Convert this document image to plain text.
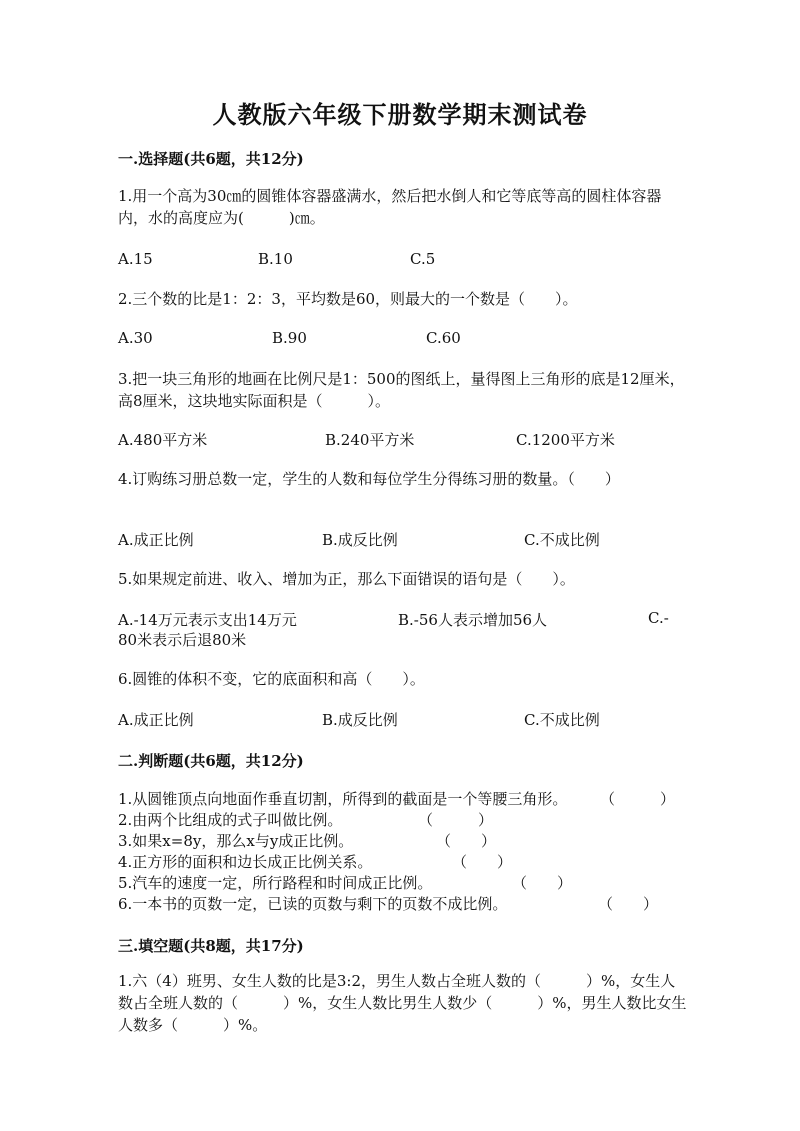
人教版六年级下册数学期末测试卷
一.选择题(共6题，共12分)
1.用一个高为30㎝的圆锥体容器盛满水，然后把水倒人和它等底等高的圆柱体容器内，水的高度应为(　　　)㎝。
A.15	B.10	C.5
2.三个数的比是1：2：3，平均数是60，则最大的一个数是（　　）。
A.30	B.90	C.60
3.把一块三角形的地画在比例尺是1：500的图纸上，量得图上三角形的底是12厘米，高8厘米，这块地实际面积是（　　　）。
A.480平方米	B.240平方米	C.1200平方米
4.订购练习册总数一定，学生的人数和每位学生分得练习册的数量。（　　）
A.成正比例	B.成反比例	C.不成比例
5.如果规定前进、收入、增加为正，那么下面错误的语句是（　　）。
A.-14万元表示支出14万元	B.-56人表示增加56人	C.-
80米表示后退80米
6.圆锥的体积不变，它的底面积和高（　　）。
A.成正比例	B.成反比例	C.不成比例
二.判断题(共6题，共12分)
1.从圆锥顶点向地面作垂直切割，所得到的截面是一个等腰三角形。 （　　　）
2.由两个比组成的式子叫做比例。	（　　　）
3.如果x=8y，那么x与y成正比例。	（　　）
4.正方形的面积和边长成正比例关系。	（　　）
5.汽车的速度一定，所行路程和时间成正比例。	（　　）
6.一本书的页数一定，已读的页数与剩下的页数不成比例。	（　　）
三.填空题(共8题，共17分)
1.六（4）班男、女生人数的比是3:2，男生人数占全班人数的（　　　）%，女生人数占全班人数的（　　　）%，女生人数比男生人数少（　　　）%，男生人数比女生人数多（　　　）%。
